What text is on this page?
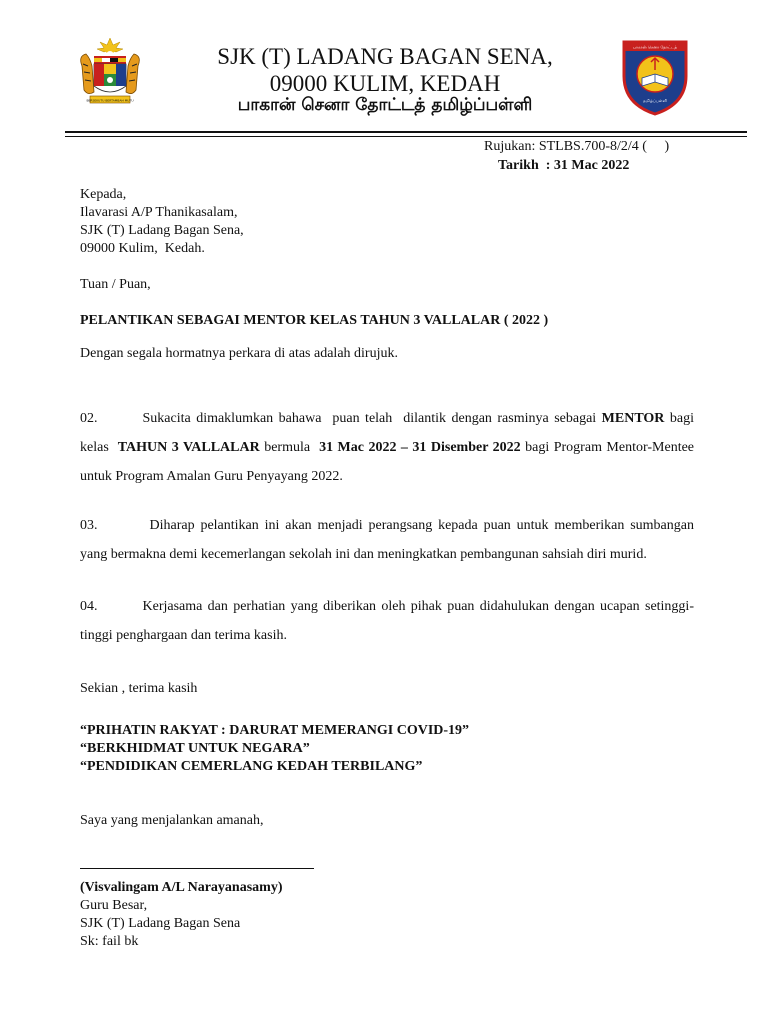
BERSEKUTU BERTAMBAH MUTU
SJK (T) LADANG BAGAN SENA,
09000 KULIM, KEDAH
பாகான் செனா தோட்டத் தமிழ்ப்பள்ளி
பாகான் செனா தோட்டத்
தமிழ்ப்பள்ளி
Rujukan: STLBS.700-8/2/4 (     )
Tarikh : 31 Mac 2022
Kepada,
Ilavarasi A/P Thanikasalam,
SJK (T) Ladang Bagan Sena,
09000 Kulim,  Kedah.
Tuan / Puan,
PELANTIKAN SEBAGAI MENTOR KELAS TAHUN 3 VALLALAR ( 2022 )
Dengan segala hormatnya perkara di atas adalah dirujuk.
02.	Sukacita dimaklumkan bahawa  puan telah  dilantik dengan rasminya sebagai MENTOR bagi kelas  TAHUN 3 VALLALAR bermula  31 Mac 2022 – 31 Disember 2022 bagi Program Mentor-Mentee untuk Program Amalan Guru Penyayang 2022.
03.	Diharap pelantikan ini akan menjadi perangsang kepada puan untuk memberikan sumbangan yang bermakna demi kecemerlangan sekolah ini dan meningkatkan pembangunan sahsiah diri murid.
04.	Kerjasama dan perhatian yang diberikan oleh pihak puan didahulukan dengan ucapan setinggi-tinggi penghargaan dan terima kasih.
Sekian , terima kasih
“PRIHATIN RAKYAT : DARURAT MEMERANGI COVID-19”
“BERKHIDMAT UNTUK NEGARA”
“PENDIDIKAN CEMERLANG KEDAH TERBILANG”
Saya yang menjalankan amanah,
(Visvalingam A/L Narayanasamy)
Guru Besar,
SJK (T) Ladang Bagan Sena
Sk: fail bk
